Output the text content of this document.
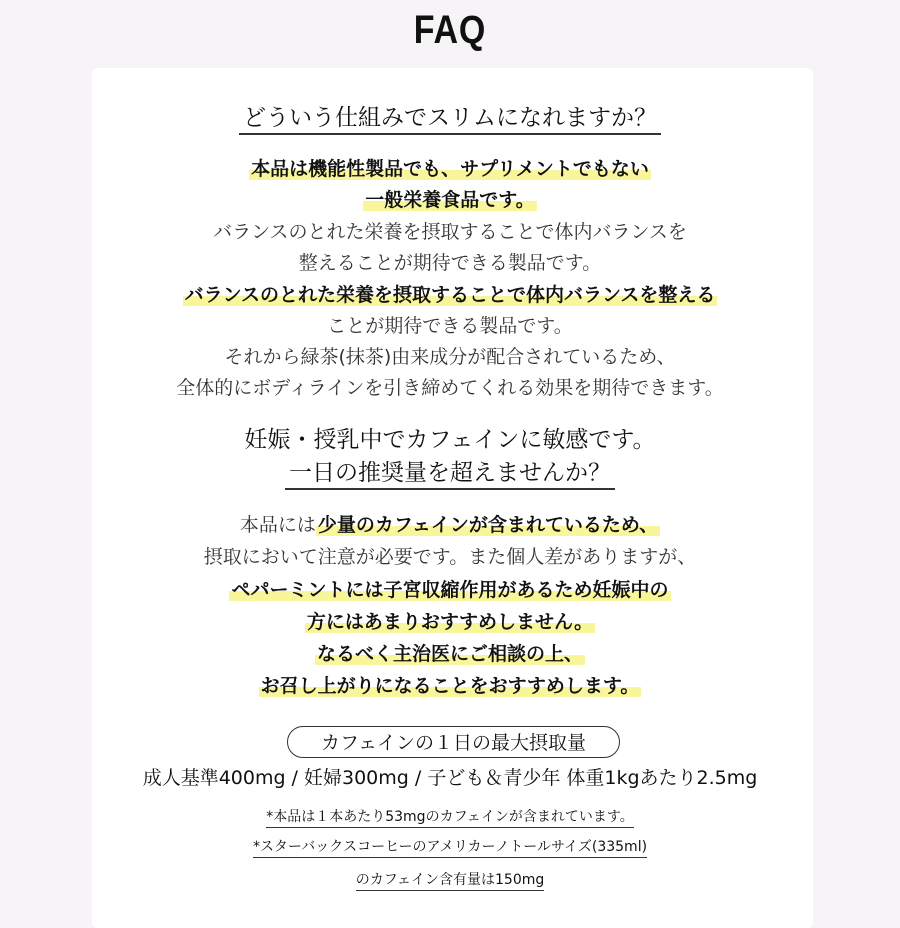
FAQ
どういう仕組みでスリムになれますか？
本品は機能性製品でも、サプリメントでもない
一般栄養食品です。
バランスのとれた栄養を摂取することで体内バランスを
整えることが期待できる製品です。
バランスのとれた栄養を摂取することで体内バランスを整える
ことが期待できる製品です。
それから緑茶(抹茶)由来成分が配合されているため、
全体的にボディラインを引き締めてくれる効果を期待できます。
妊娠・授乳中でカフェインに敏感です。
一日の推奨量を超えませんか？
本品には 少量のカフェインが含まれているため、
摂取において注意が必要です。また個人差がありますが、
ペパーミントには子宮収縮作用があるため妊娠中の
方にはあまりおすすめしません。
なるべく主治医にご相談の上、
お召し上がりになることをおすすめします。
カフェインの１日の最大摂取量
成人基準400mg / 妊婦300mg / 子ども＆青少年 体重1kgあたり2.5mg
*本品は１本あたり53mgのカフェインが含まれています。
*スターバックスコーヒーのアメリカーノトールサイズ(335ml)
のカフェイン含有量は150mg
